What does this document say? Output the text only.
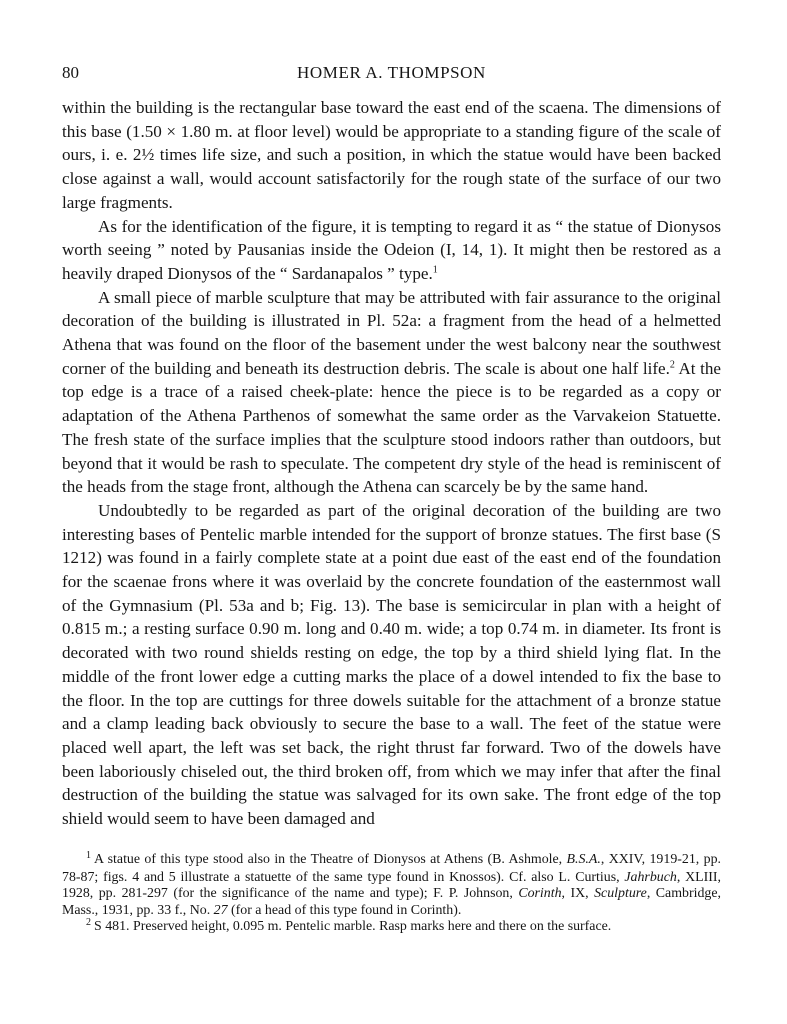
80	HOMER A. THOMPSON

within the building is the rectangular base toward the east end of the scaena. The dimensions of this base (1.50 × 1.80 m. at floor level) would be appropriate to a standing figure of the scale of ours, i. e. 2½ times life size, and such a position, in which the statue would have been backed close against a wall, would account satisfactorily for the rough state of the surface of our two large fragments.

As for the identification of the figure, it is tempting to regard it as “ the statue of Dionysos worth seeing ” noted by Pausanias inside the Odeion (I, 14, 1). It might then be restored as a heavily draped Dionysos of the “ Sardanapalos ” type.$^1$

A small piece of marble sculpture that may be attributed with fair assurance to the original decoration of the building is illustrated in Pl. 52a: a fragment from the head of a helmetted Athena that was found on the floor of the basement under the west balcony near the southwest corner of the building and beneath its destruction debris. The scale is about one half life.$^2$ At the top edge is a trace of a raised cheek-plate: hence the piece is to be regarded as a copy or adaptation of the Athena Parthenos of somewhat the same order as the Varvakeion Statuette. The fresh state of the surface implies that the sculpture stood indoors rather than outdoors, but beyond that it would be rash to speculate. The competent dry style of the head is reminiscent of the heads from the stage front, although the Athena can scarcely be by the same hand.

Undoubtedly to be regarded as part of the original decoration of the building are two interesting bases of Pentelic marble intended for the support of bronze statues. The first base (S 1212) was found in a fairly complete state at a point due east of the east end of the foundation for the scaenae frons where it was overlaid by the concrete foundation of the easternmost wall of the Gymnasium (Pl. 53a and b; Fig. 13). The base is semicircular in plan with a height of 0.815 m.; a resting surface 0.90 m. long and 0.40 m. wide; a top 0.74 m. in diameter. Its front is decorated with two round shields resting on edge, the top by a third shield lying flat. In the middle of the front lower edge a cutting marks the place of a dowel intended to fix the base to the floor. In the top are cuttings for three dowels suitable for the attachment of a bronze statue and a clamp leading back obviously to secure the base to a wall. The feet of the statue were placed well apart, the left was set back, the right thrust far forward. Two of the dowels have been laboriously chiseled out, the third broken off, from which we may infer that after the final destruction of the building the statue was salvaged for its own sake. The front edge of the top shield would seem to have been damaged and

$^1$ A statue of this type stood also in the Theatre of Dionysos at Athens (B. Ashmole, B.S.A., XXIV, 1919-21, pp. 78-87; figs. 4 and 5 illustrate a statuette of the same type found in Knossos). Cf. also L. Curtius, Jahrbuch, XLIII, 1928, pp. 281-297 (for the significance of the name and type); F. P. Johnson, Corinth, IX, Sculpture, Cambridge, Mass., 1931, pp. 33 f., No. 27 (for a head of this type found in Corinth).

$^2$ S 481. Preserved height, 0.095 m. Pentelic marble. Rasp marks here and there on the surface.
